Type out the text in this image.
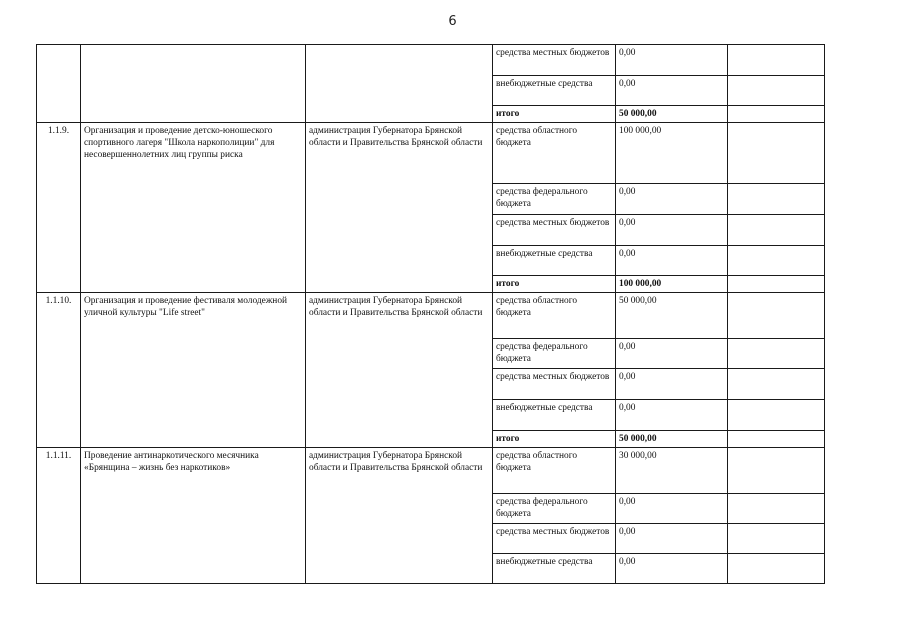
6
			средства местных бюджетов	0,00	
			внебюджетные средства	0,00	
			итого	50 000,00	
1.1.9.	Организация и проведение детско-юношеского спортивного лагеря "Школа наркополиции" для несовершеннолетних лиц группы риска	администрация Губернатора Брянской области и Правительства Брянской области	средства областного бюджета	100 000,00	
			средства федерального бюджета	0,00	
			средства местных бюджетов	0,00	
			внебюджетные средства	0,00	
			итого	100 000,00	
1.1.10.	Организация и проведение фестиваля молодежной уличной культуры "Life street"	администрация Губернатора Брянской области и Правительства Брянской области	средства областного бюджета	50 000,00	
			средства федерального бюджета	0,00	
			средства местных бюджетов	0,00	
			внебюджетные средства	0,00	
			итого	50 000,00	
1.1.11.	Проведение антинаркотического месячника «Брянщина – жизнь без наркотиков»	администрация Губернатора Брянской области и Правительства Брянской области	средства областного бюджета	30 000,00	
			средства федерального бюджета	0,00	
			средства местных бюджетов	0,00	
			внебюджетные средства	0,00	
